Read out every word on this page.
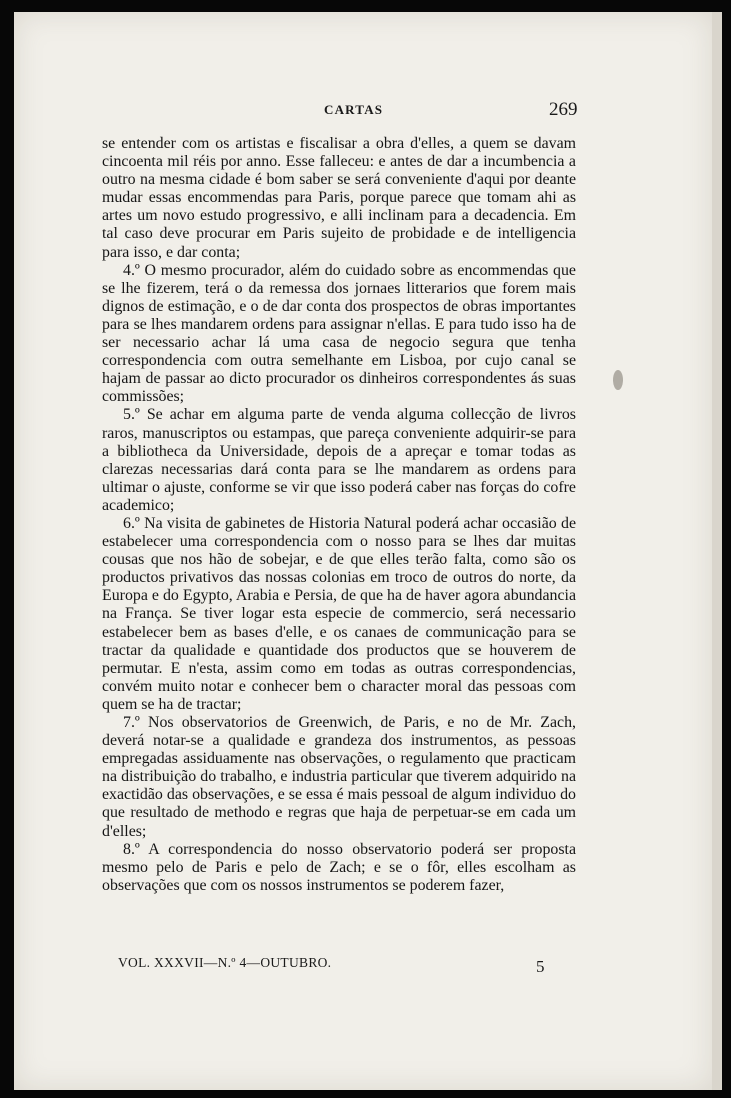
CARTAS	269

se entender com os artistas e fiscalisar a obra d'elles, a quem se davam cincoenta mil réis por anno. Esse falleceu: e antes de dar a incumbencia a outro na mesma cidade é bom saber se será conveniente d'aqui por deante mudar essas encommendas para Paris, porque parece que tomam ahi as artes um novo estudo progressivo, e alli inclinam para a decadencia. Em tal caso deve procurar em Paris sujeito de probidade e de intelligencia para isso, e dar conta;

4.º O mesmo procurador, além do cuidado sobre as encommendas que se lhe fizerem, terá o da remessa dos jornaes litterarios que forem mais dignos de estimação, e o de dar conta dos prospectos de obras importantes para se lhes mandarem ordens para assignar n'ellas. E para tudo isso ha de ser necessario achar lá uma casa de negocio segura que tenha correspondencia com outra semelhante em Lisboa, por cujo canal se hajam de passar ao dicto procurador os dinheiros correspondentes ás suas commissões;

5.º Se achar em alguma parte de venda alguma collecção de livros raros, manuscriptos ou estampas, que pareça conveniente adquirir-se para a bibliotheca da Universidade, depois de a apreçar e tomar todas as clarezas necessarias dará conta para se lhe mandarem as ordens para ultimar o ajuste, conforme se vir que isso poderá caber nas forças do cofre academico;

6.º Na visita de gabinetes de Historia Natural poderá achar occasião de estabelecer uma correspondencia com o nosso para se lhes dar muitas cousas que nos hão de sobejar, e de que elles terão falta, como são os productos privativos das nossas colonias em troco de outros do norte, da Europa e do Egypto, Arabia e Persia, de que ha de haver agora abundancia na França. Se tiver logar esta especie de commercio, será necessario estabelecer bem as bases d'elle, e os canaes de communicação para se tractar da qualidade e quantidade dos productos que se houverem de permutar. E n'esta, assim como em todas as outras correspondencias, convém muito notar e conhecer bem o character moral das pessoas com quem se ha de tractar;

7.º Nos observatorios de Greenwich, de Paris, e no de Mr. Zach, deverá notar-se a qualidade e grandeza dos instrumentos, as pessoas empregadas assiduamente nas observações, o regulamento que practicam na distribuição do trabalho, e industria particular que tiverem adquirido na exactidão das observações, e se essa é mais pessoal de algum individuo do que resultado de methodo e regras que haja de perpetuar-se em cada um d'elles;

8.º A correspondencia do nosso observatorio poderá ser proposta mesmo pelo de Paris e pelo de Zach; e se o fôr, elles escolham as observações que com os nossos instrumentos se poderem fazer,

VOL. XXXVII—N.º 4—OUTUBRO.	5
